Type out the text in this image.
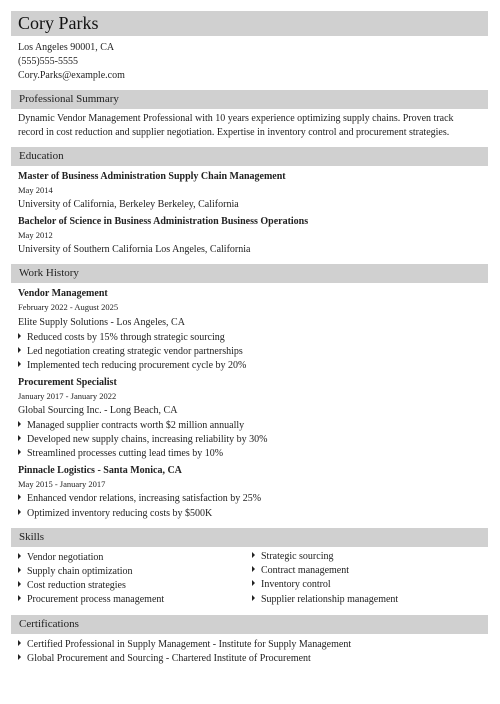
Cory Parks
Los Angeles 90001, CA
(555)555-5555
Cory.Parks@example.com
Professional Summary
Dynamic Vendor Management Professional with 10 years experience optimizing supply chains. Proven track record in cost reduction and supplier negotiation. Expertise in inventory control and procurement strategies.
Education
Master of Business Administration Supply Chain Management
May 2014
University of California, Berkeley Berkeley, California
Bachelor of Science in Business Administration Business Operations
May 2012
University of Southern California Los Angeles, California
Work History
Vendor Management
February 2022 - August 2025
Elite Supply Solutions - Los Angeles, CA
Reduced costs by 15% through strategic sourcing
Led negotiation creating strategic vendor partnerships
Implemented tech reducing procurement cycle by 20%
Procurement Specialist
January 2017 - January 2022
Global Sourcing Inc. - Long Beach, CA
Managed supplier contracts worth $2 million annually
Developed new supply chains, increasing reliability by 30%
Streamlined processes cutting lead times by 10%
Pinnacle Logistics - Santa Monica, CA
May 2015 - January 2017
Enhanced vendor relations, increasing satisfaction by 25%
Optimized inventory reducing costs by $500K
Skills
Vendor negotiation
Supply chain optimization
Cost reduction strategies
Procurement process management
Strategic sourcing
Contract management
Inventory control
Supplier relationship management
Certifications
Certified Professional in Supply Management - Institute for Supply Management
Global Procurement and Sourcing - Chartered Institute of Procurement
